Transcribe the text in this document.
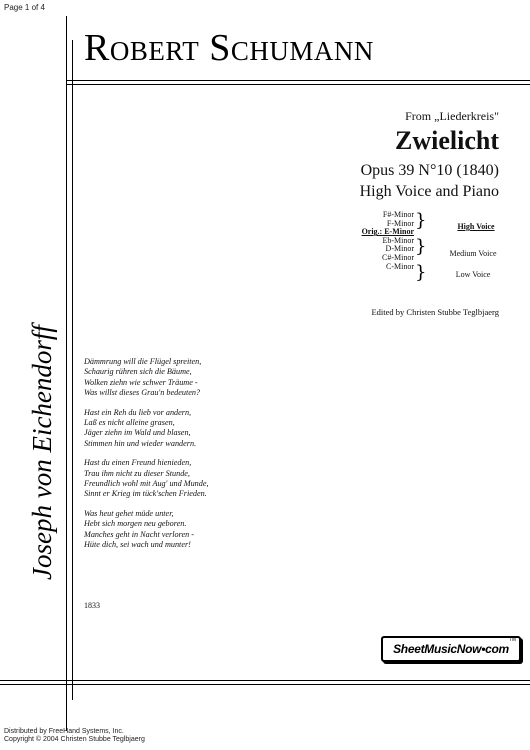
Page 1 of 4
Robert Schumann
From „Liederkreis"
Zwielicht
Opus 39 N°10 (1840)
High Voice and Piano
F#-Minor
F-Minor
Orig.: E-Minor
Eb-Minor
D-Minor
C#-Minor
C-Minor
}
}
}
High Voice
Medium Voice
Low Voice
Edited by Christen Stubbe Teglbjaerg
Joseph von Eichendorff	Dämmrung will die Flügel spreiten,
Schaurig rühren sich die Bäume,
Wolken ziehn wie schwer Träume -
Was willst dieses Grau'n bedeuten?
Hast ein Reh du lieb vor andern,
Laß es nicht alleine grasen,
Jäger ziehn im Wald und blasen,
Stimmen hin und wieder wandern.
Hast du einen Freund hienieden,
Trau ihm nicht zu dieser Stunde,
Freundlich wohl mit Aug' und Munde,
Sinnt er Krieg im tück'schen Frieden.
Was heut gehet müde unter,
Hebt sich morgen neu geboren.
Manches geht in Nacht verloren -
Hüte dich, sei wach und munter!
1833
SheetMusicNow•com
TM
Distributed by FreeHand Systems, Inc.
Copyright © 2004 Christen Stubbe Teglbjaerg
